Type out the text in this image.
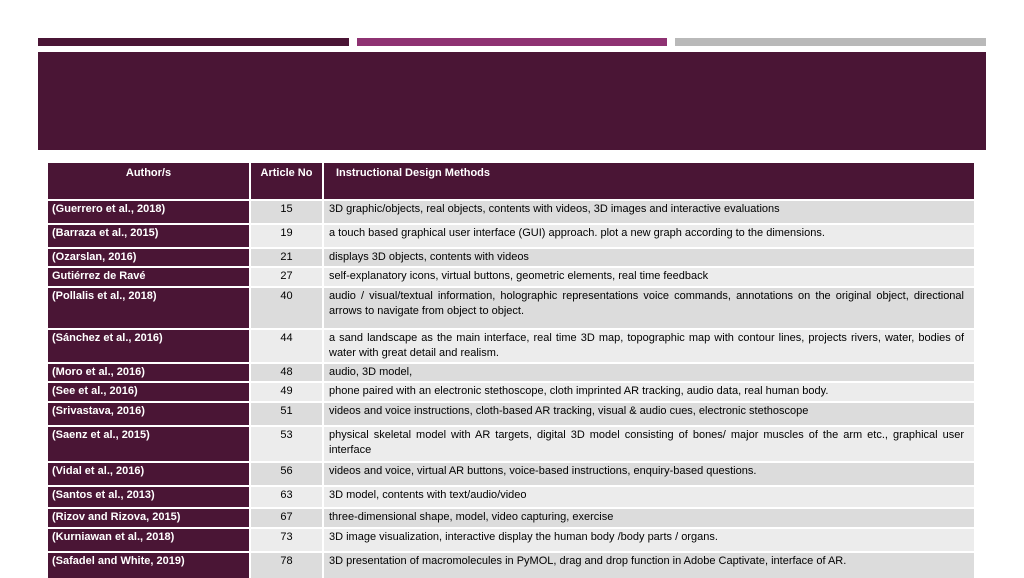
Author/s	Article No	Instructional Design Methods
(Guerrero et al., 2018)	15	3D graphic/objects, real objects, contents with videos, 3D images and interactive evaluations
(Barraza et al., 2015)	19	a touch based graphical user interface (GUI) approach. plot a new graph according to the dimensions.
(Ozarslan, 2016)	21	displays 3D objects, contents with videos
Gutiérrez de Ravé	27	self-explanatory icons, virtual buttons, geometric elements, real time feedback
(Pollalis et al., 2018)	40	audio / visual/textual information, holographic representations voice commands, annotations on the original object, directional arrows to navigate from object to object.
(Sánchez et al., 2016)	44	a sand landscape as the main interface, real time 3D map, topographic map with contour lines, projects rivers, water, bodies of water with great detail and realism.
(Moro et al., 2016)	48	audio, 3D model,
(See et al., 2016)	49	phone paired with an electronic stethoscope, cloth imprinted AR tracking, audio data, real human body.
(Srivastava, 2016)	51	videos and voice instructions, cloth-based AR tracking, visual & audio cues, electronic stethoscope
(Saenz et al., 2015)	53	physical skeletal model with AR targets, digital 3D model consisting of bones/ major muscles of the arm etc., graphical user interface
(Vidal et al., 2016)	56	videos and voice, virtual AR buttons, voice-based instructions, enquiry-based questions.
(Santos et al., 2013)	63	3D model, contents with text/audio/video
(Rizov and Rizova, 2015)	67	three-dimensional shape, model, video capturing, exercise
(Kurniawan et al., 2018)	73	3D image visualization, interactive display the human body /body parts / organs.
(Safadel and White, 2019)	78	3D presentation of macromolecules in PyMOL, drag and drop function in Adobe Captivate, interface of AR.
